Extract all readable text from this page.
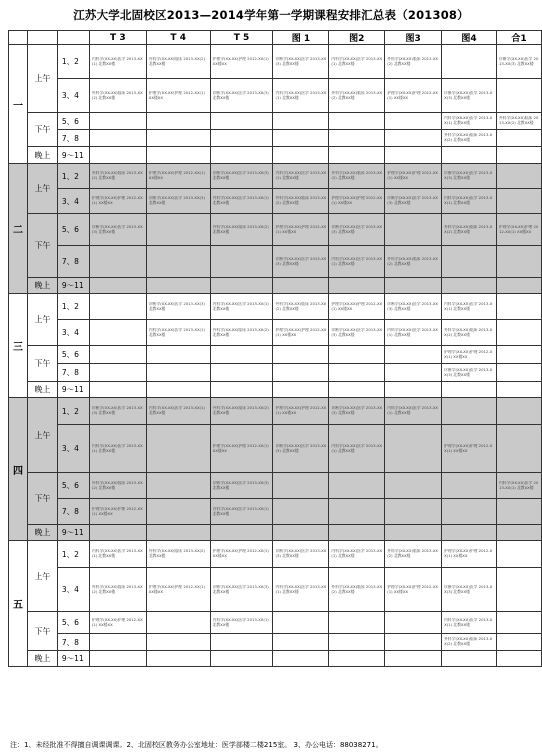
江苏大学北固校区2013—2014学年第一学期课程安排汇总表（201308）
			T 3	T 4	T 5	图 1	图2	图3	图4	合1
一	上午	1、2	内科学(XX-XX)医学 2013-XX(1) 北教XX楼	外科学(XX-XX)临床 2013-XX(2) 北教XX楼	护理学(XX-XX)护理 2012-XX(1) XX楼XX	诊断学(XX-XX)医学 2013-XX(3) 北教XX楼	内科学(XX-XX)医学 2013-XX(1) 北教XX楼	外科学(XX-XX)临床 2013-XX(2) 北教XX楼		诊断学(XX-XX)医学 2013-XX(3) 北教XX楼

		3、4	外科学(XX-XX)临床 2013-XX(2) 北教XX楼	护理学(XX-XX)护理 2012-XX(1) XX楼XX	诊断学(XX-XX)医学 2013-XX(3) 北教XX楼	内科学(XX-XX)医学 2013-XX(1) 北教XX楼	外科学(XX-XX)临床 2013-XX(2) 北教XX楼	护理学(XX-XX)护理 2012-XX(1) XX楼XX	诊断学(XX-XX)医学 2013-XX(3) 北教XX楼	

	下午	5、6							内科学(XX-XX)医学 2013-XX(1) 北教XX楼	外科学(XX-XX)临床 2013-XX(2) 北教XX楼

		7、8							外科学(XX-XX)临床 2013-XX(2) 北教XX楼	

	晚上	9～11								
二	上午	1、2	外科学(XX-XX)临床 2013-XX(2) 北教XX楼	护理学(XX-XX)护理 2012-XX(1) XX楼XX	诊断学(XX-XX)医学 2013-XX(3) 北教XX楼	内科学(XX-XX)医学 2013-XX(1) 北教XX楼	外科学(XX-XX)临床 2013-XX(2) 北教XX楼	护理学(XX-XX)护理 2012-XX(1) XX楼XX	诊断学(XX-XX)医学 2013-XX(3) 北教XX楼	

		3、4	护理学(XX-XX)护理 2012-XX(1) XX楼XX	诊断学(XX-XX)医学 2013-XX(3) 北教XX楼	内科学(XX-XX)医学 2013-XX(1) 北教XX楼	外科学(XX-XX)临床 2013-XX(2) 北教XX楼	护理学(XX-XX)护理 2012-XX(1) XX楼XX	诊断学(XX-XX)医学 2013-XX(3) 北教XX楼	内科学(XX-XX)医学 2013-XX(1) 北教XX楼	

	下午	5、6	诊断学(XX-XX)医学 2013-XX(3) 北教XX楼		外科学(XX-XX)临床 2013-XX(2) 北教XX楼	护理学(XX-XX)护理 2012-XX(1) XX楼XX	诊断学(XX-XX)医学 2013-XX(3) 北教XX楼		外科学(XX-XX)临床 2013-XX(2) 北教XX楼	护理学(XX-XX)护理 2012-XX(1) XX楼XX

		7、8				诊断学(XX-XX)医学 2013-XX(3) 北教XX楼	内科学(XX-XX)医学 2013-XX(1) 北教XX楼	外科学(XX-XX)临床 2013-XX(2) 北教XX楼		

	晚上	9～11								
三	上午	1、2		诊断学(XX-XX)医学 2013-XX(3) 北教XX楼	内科学(XX-XX)医学 2013-XX(1) 北教XX楼	外科学(XX-XX)临床 2013-XX(2) 北教XX楼	护理学(XX-XX)护理 2012-XX(1) XX楼XX	诊断学(XX-XX)医学 2013-XX(3) 北教XX楼	内科学(XX-XX)医学 2013-XX(1) 北教XX楼	

		3、4		内科学(XX-XX)医学 2013-XX(1) 北教XX楼	外科学(XX-XX)临床 2013-XX(2) 北教XX楼	护理学(XX-XX)护理 2012-XX(1) XX楼XX	诊断学(XX-XX)医学 2013-XX(3) 北教XX楼	内科学(XX-XX)医学 2013-XX(1) 北教XX楼	外科学(XX-XX)临床 2013-XX(2) 北教XX楼	

	下午	5、6							护理学(XX-XX)护理 2012-XX(1) XX楼XX	

		7、8							诊断学(XX-XX)医学 2013-XX(3) 北教XX楼	

	晚上	9～11								
四	上午	1、2	诊断学(XX-XX)医学 2013-XX(3) 北教XX楼	内科学(XX-XX)医学 2013-XX(1) 北教XX楼	外科学(XX-XX)临床 2013-XX(2) 北教XX楼	护理学(XX-XX)护理 2012-XX(1) XX楼XX	诊断学(XX-XX)医学 2013-XX(3) 北教XX楼	内科学(XX-XX)医学 2013-XX(1) 北教XX楼		

		3、4	内科学(XX-XX)医学 2013-XX(1) 北教XX楼		护理学(XX-XX)护理 2012-XX(1) XX楼XX	诊断学(XX-XX)医学 2013-XX(3) 北教XX楼	内科学(XX-XX)医学 2013-XX(1) 北教XX楼		护理学(XX-XX)护理 2012-XX(1) XX楼XX	

	下午	5、6	外科学(XX-XX)临床 2013-XX(2) 北教XX楼		诊断学(XX-XX)医学 2013-XX(3) 北教XX楼					内科学(XX-XX)医学 2013-XX(1) 北教XX楼

		7、8	护理学(XX-XX)护理 2012-XX(1) XX楼XX		内科学(XX-XX)医学 2013-XX(1) 北教XX楼					

	晚上	9～11								
五	上午	1、2	内科学(XX-XX)医学 2013-XX(1) 北教XX楼	外科学(XX-XX)临床 2013-XX(2) 北教XX楼	护理学(XX-XX)护理 2012-XX(1) XX楼XX	诊断学(XX-XX)医学 2013-XX(3) 北教XX楼	内科学(XX-XX)医学 2013-XX(1) 北教XX楼	外科学(XX-XX)临床 2013-XX(2) 北教XX楼	护理学(XX-XX)护理 2012-XX(1) XX楼XX	

		3、4	外科学(XX-XX)临床 2013-XX(2) 北教XX楼	护理学(XX-XX)护理 2012-XX(1) XX楼XX	诊断学(XX-XX)医学 2013-XX(3) 北教XX楼	内科学(XX-XX)医学 2013-XX(1) 北教XX楼	外科学(XX-XX)临床 2013-XX(2) 北教XX楼	护理学(XX-XX)护理 2012-XX(1) XX楼XX	诊断学(XX-XX)医学 2013-XX(3) 北教XX楼	

	下午	5、6	护理学(XX-XX)护理 2012-XX(1) XX楼XX		内科学(XX-XX)医学 2013-XX(1) 北教XX楼				内科学(XX-XX)医学 2013-XX(1) 北教XX楼	

		7、8							外科学(XX-XX)临床 2013-XX(2) 北教XX楼	

	晚上	9～11								
注：1、未经批准不得擅自调课调课。2、北固校区教务办公室地址：医学部楼二楼215室。 3、办公电话：88038271。
